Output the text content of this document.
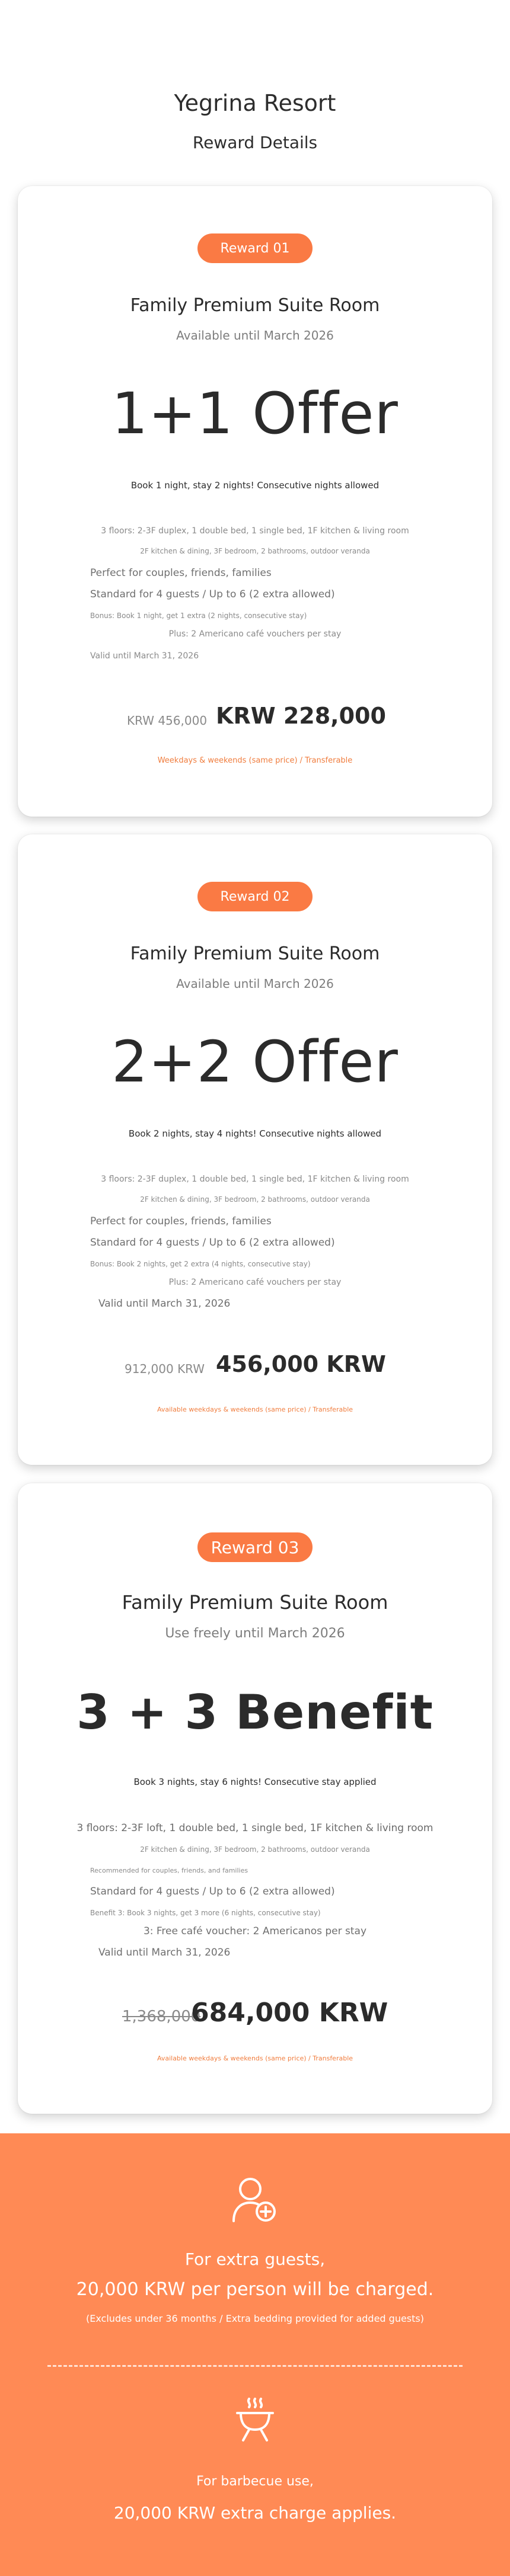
Yegrina Resort

Reward Details

Reward 01
Family Premium Suite Room
Available until March 2026
1+1 Offer
Book 1 night, stay 2 nights! Consecutive nights allowed
3 floors: 2-3F duplex, 1 double bed, 1 single bed, 1F kitchen & living room
2F kitchen & dining, 3F bedroom, 2 bathrooms, outdoor veranda
Perfect for couples, friends, families
Standard for 4 guests / Up to 6 (2 extra allowed)
Bonus: Book 1 night, get 1 extra (2 nights, consecutive stay)
Plus: 2 Americano café vouchers per stay
Valid until March 31, 2026
KRW 456,000 KRW 228,000
Weekdays & weekends (same price) / Transferable
Reward 02
Family Premium Suite Room
Available until March 2026
2+2 Offer
Book 2 nights, stay 4 nights! Consecutive nights allowed
3 floors: 2-3F duplex, 1 double bed, 1 single bed, 1F kitchen & living room
2F kitchen & dining, 3F bedroom, 2 bathrooms, outdoor veranda
Perfect for couples, friends, families
Standard for 4 guests / Up to 6 (2 extra allowed)
Bonus: Book 2 nights, get 2 extra (4 nights, consecutive stay)
Plus: 2 Americano café vouchers per stay
Valid until March 31, 2026
912,000 KRW 456,000 KRW
Available weekdays & weekends (same price) / Transferable
Reward 03
Family Premium Suite Room
Use freely until March 2026
3 + 3 Benefit
Book 3 nights, stay 6 nights! Consecutive stay applied
3 floors: 2-3F loft, 1 double bed, 1 single bed, 1F kitchen & living room
2F kitchen & dining, 3F bedroom, 2 bathrooms, outdoor veranda
Recommended for couples, friends, and families
Standard for 4 guests / Up to 6 (2 extra allowed)
Benefit 3: Book 3 nights, get 3 more (6 nights, consecutive stay)
3: Free café voucher: 2 Americanos per stay
Valid until March 31, 2026
1,368,000
684,000 KRW
Available weekdays & weekends (same price) / Transferable
For extra guests,
20,000 KRW per person will be charged.
(Excludes under 36 months / Extra bedding provided for added guests)
For barbecue use,
20,000 KRW extra charge applies.
